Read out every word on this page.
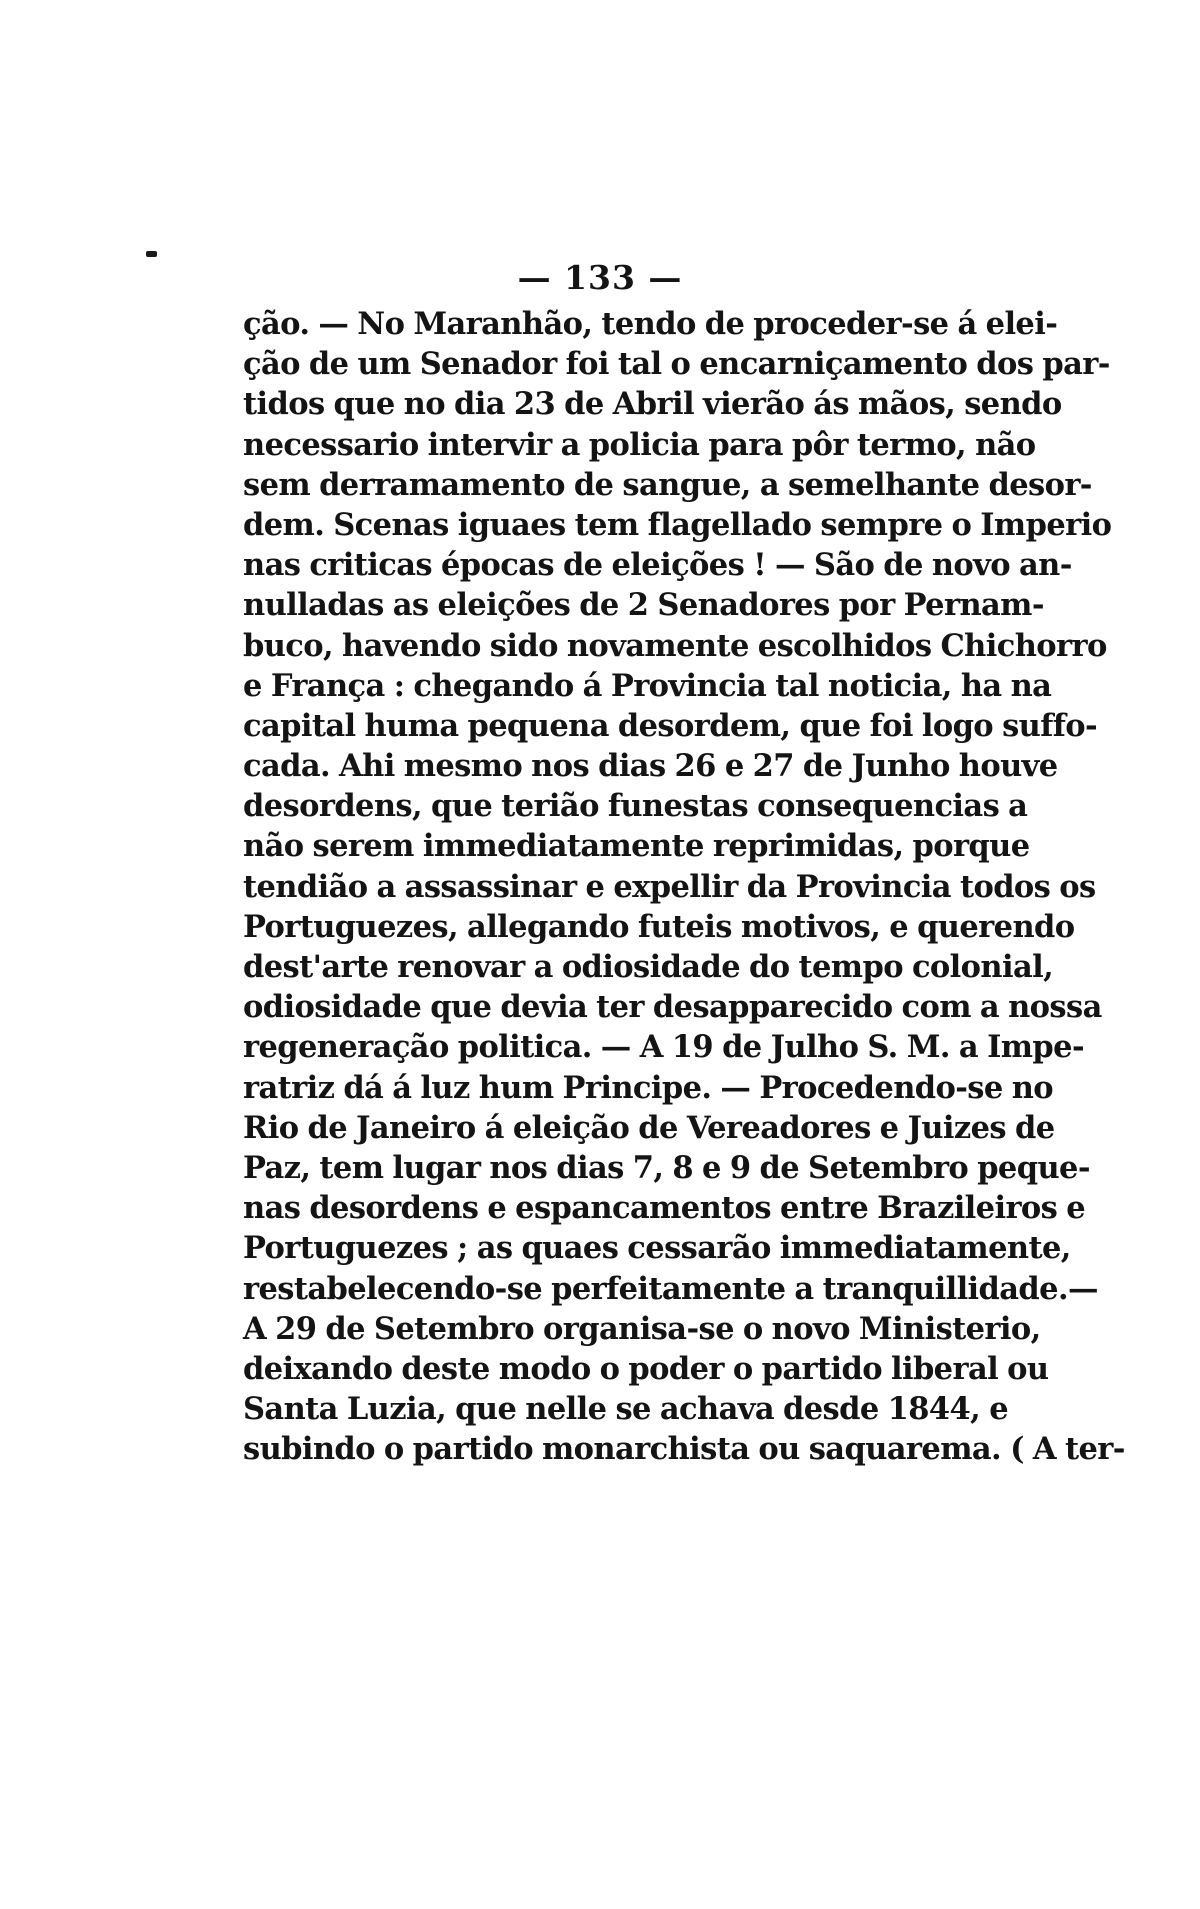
— 133 —
ção. — No Maranhão, tendo de proceder-se á elei-
ção de um Senador foi tal o encarniçamento dos par-
tidos que no dia 23 de Abril vierão ás mãos, sendo
necessario intervir a policia para pôr termo, não
sem derramamento de sangue, a semelhante desor-
dem. Scenas iguaes tem flagellado sempre o Imperio
nas criticas épocas de eleições ! — São de novo an-
nulladas as eleições de 2 Senadores por Pernam-
buco, havendo sido novamente escolhidos Chichorro
e França : chegando á Provincia tal noticia, ha na
capital huma pequena desordem, que foi logo suffo-
cada. Ahi mesmo nos dias 26 e 27 de Junho houve
desordens, que terião funestas consequencias a
não serem immediatamente reprimidas, porque
tendião a assassinar e expellir da Provincia todos os
Portuguezes, allegando futeis motivos, e querendo
dest'arte renovar a odiosidade do tempo colonial,
odiosidade que devia ter desapparecido com a nossa
regeneração politica. — A 19 de Julho S. M. a Impe-
ratriz dá á luz hum Principe. — Procedendo-se no
Rio de Janeiro á eleição de Vereadores e Juizes de
Paz, tem lugar nos dias 7, 8 e 9 de Setembro peque-
nas desordens e espancamentos entre Brazileiros e
Portuguezes ; as quaes cessarão immediatamente,
restabelecendo-se perfeitamente a tranquillidade.—
A 29 de Setembro organisa-se o novo Ministerio,
deixando deste modo o poder o partido liberal ou
Santa Luzia, que nelle se achava desde 1844, e
subindo o partido monarchista ou saquarema. ( A ter-
